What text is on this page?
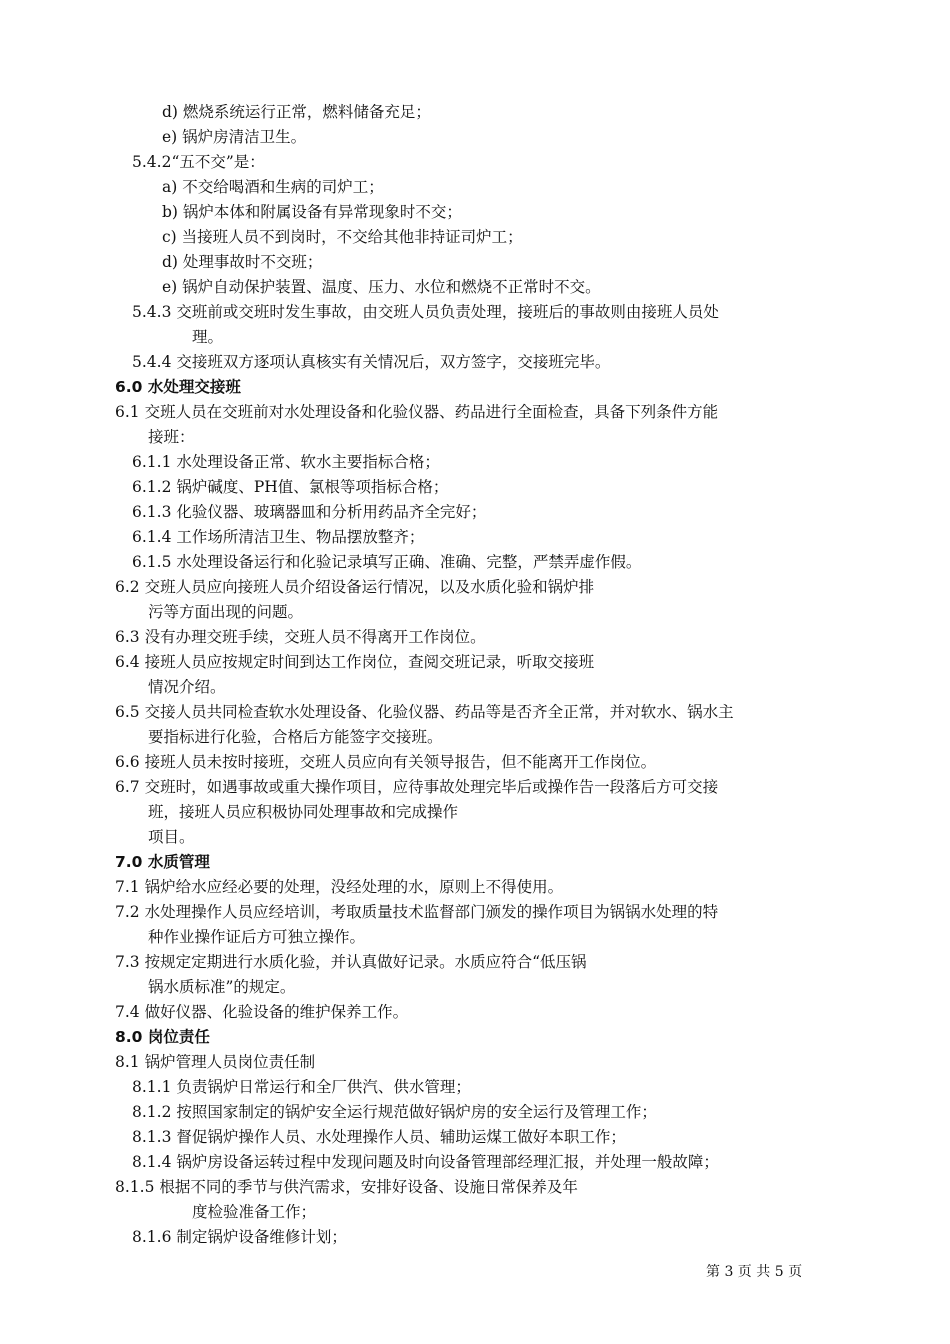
d) 燃烧系统运行正常，燃料储备充足；
e) 锅炉房清洁卫生。
5.4.2“五不交”是：
a) 不交给喝酒和生病的司炉工；
b) 锅炉本体和附属设备有异常现象时不交；
c) 当接班人员不到岗时，不交给其他非持证司炉工；
d) 处理事故时不交班；
e) 锅炉自动保护装置、温度、压力、水位和燃烧不正常时不交。
5.4.3 交班前或交班时发生事故，由交班人员负责处理，接班后的事故则由接班人员处
理。
5.4.4 交接班双方逐项认真核实有关情况后，双方签字，交接班完毕。
6.0 水处理交接班
6.1 交班人员在交班前对水处理设备和化验仪器、药品进行全面检查，具备下列条件方能
接班：
6.1.1 水处理设备正常、软水主要指标合格；
6.1.2 锅炉碱度、PH值、氯根等项指标合格；
6.1.3 化验仪器、玻璃器皿和分析用药品齐全完好；
6.1.4 工作场所清洁卫生、物品摆放整齐；
6.1.5 水处理设备运行和化验记录填写正确、准确、完整，严禁弄虚作假。
6.2 交班人员应向接班人员介绍设备运行情况，以及水质化验和锅炉排
污等方面出现的问题。
6.3 没有办理交班手续，交班人员不得离开工作岗位。
6.4 接班人员应按规定时间到达工作岗位，查阅交班记录，听取交接班
情况介绍。
6.5 交接人员共同检查软水处理设备、化验仪器、药品等是否齐全正常，并对软水、锅水主
要指标进行化验，合格后方能签字交接班。
6.6 接班人员未按时接班，交班人员应向有关领导报告，但不能离开工作岗位。
6.7 交班时，如遇事故或重大操作项目，应待事故处理完毕后或操作告一段落后方可交接
班，接班人员应积极协同处理事故和完成操作
项目。
7.0 水质管理
7.1 锅炉给水应经必要的处理，没经处理的水，原则上不得使用。
7.2 水处理操作人员应经培训，考取质量技术监督部门颁发的操作项目为锅锅水处理的特
种作业操作证后方可独立操作。
7.3 按规定定期进行水质化验，并认真做好记录。水质应符合“低压锅
锅水质标准”的规定。
7.4 做好仪器、化验设备的维护保养工作。
8.0 岗位责任
8.1 锅炉管理人员岗位责任制
8.1.1 负责锅炉日常运行和全厂供汽、供水管理；
8.1.2 按照国家制定的锅炉安全运行规范做好锅炉房的安全运行及管理工作；
8.1.3 督促锅炉操作人员、水处理操作人员、辅助运煤工做好本职工作；
8.1.4 锅炉房设备运转过程中发现问题及时向设备管理部经理汇报，并处理一般故障；
8.1.5 根据不同的季节与供汽需求，安排好设备、设施日常保养及年
度检验准备工作；
8.1.6 制定锅炉设备维修计划；
第 3 页 共 5 页
